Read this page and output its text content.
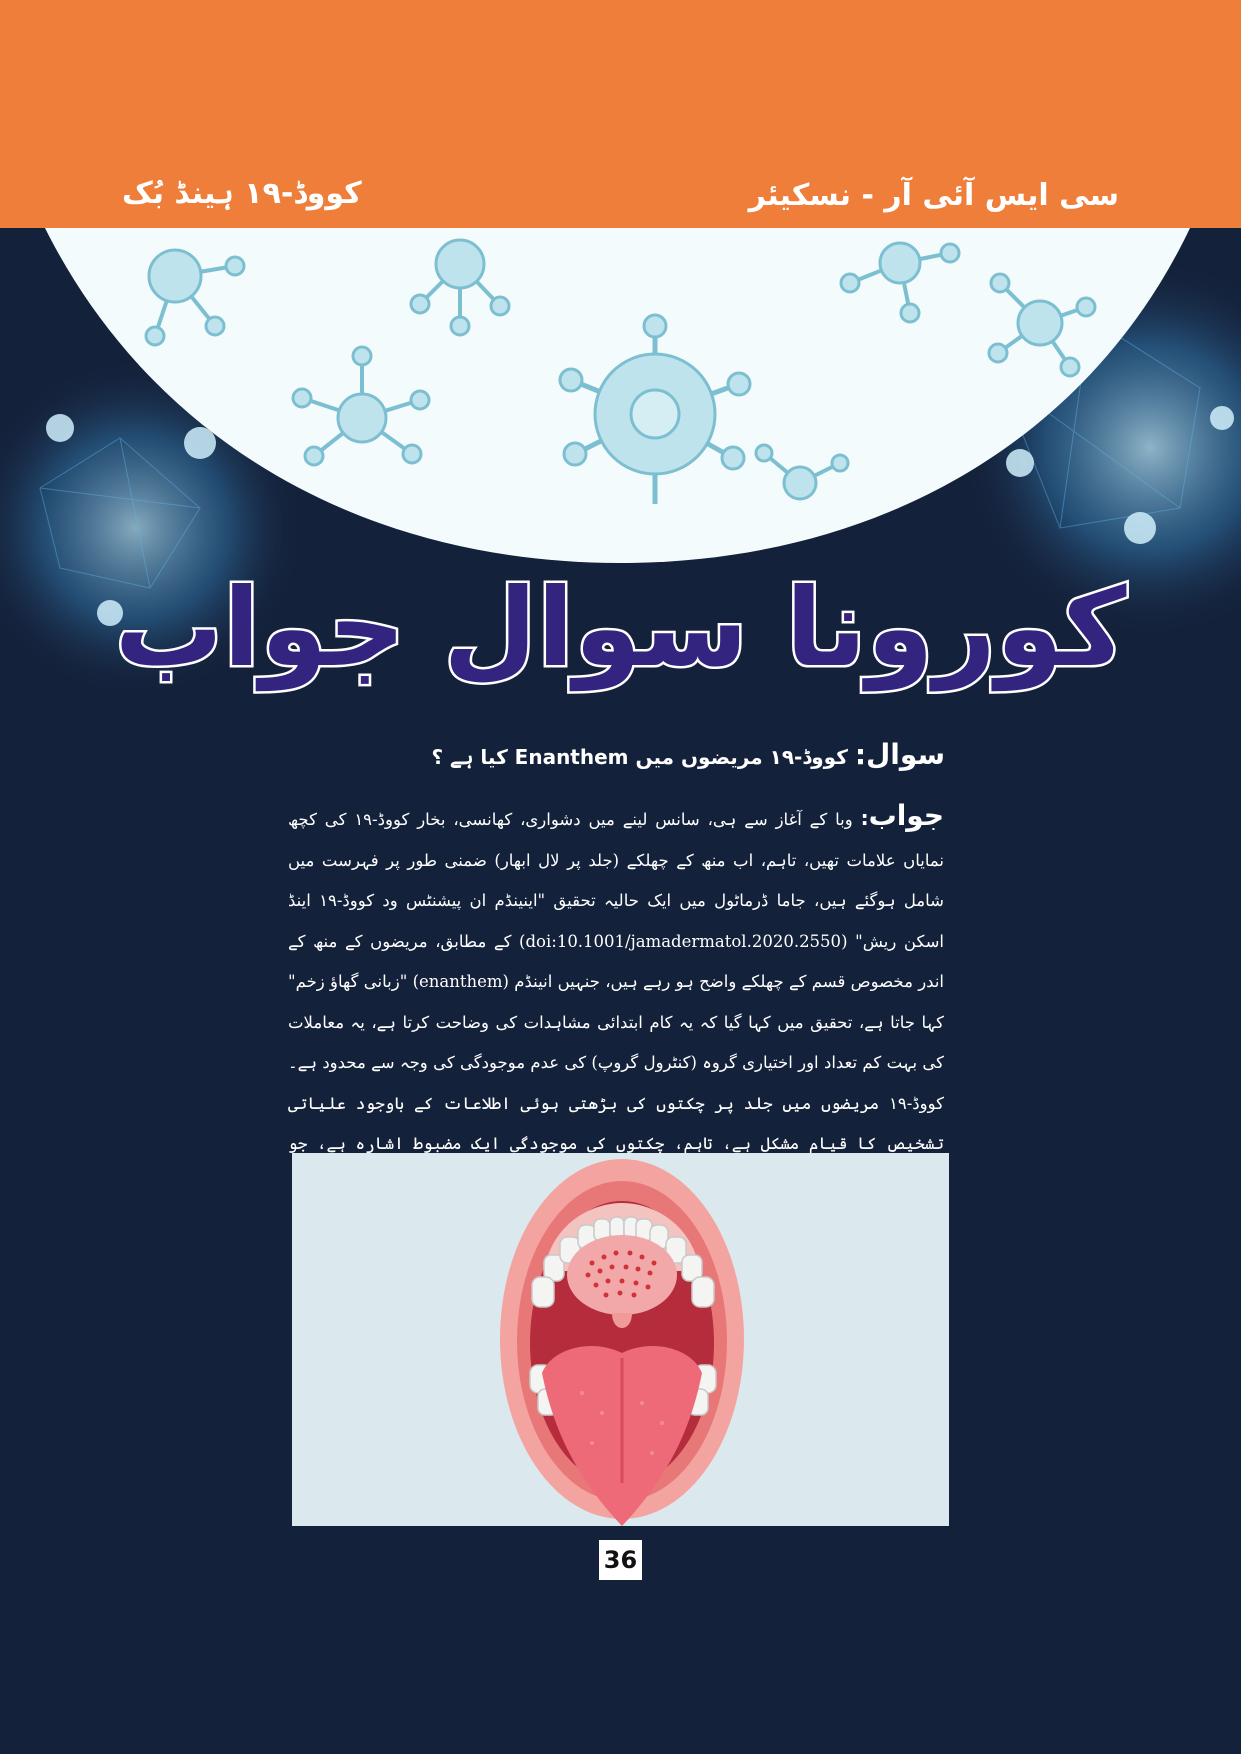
سی ایس آئی آر - نسکیئر
کووڈ-۱۹ ہینڈ بُک
کورونا سوال جواب
سوال: کووڈ-۱۹ مریضوں میں Enanthem کیا ہے ؟
جواب: وبا کے آغاز سے ہی، سانس لینے میں دشواری، کھانسی، بخار کووڈ-۱۹ کی کچھ نمایاں علامات تھیں، تاہم، اب منھ کے چھلکے (جلد پر لال ابھار) ضمنی طور پر فہرست میں شامل ہوگئے ہیں، جاما ڈرماٹول میں ایک حالیہ تحقیق "اینینڈم ان پیشنٹس ود کووڈ-۱۹ اینڈ اسکن ریش" (doi:10.1001/jamadermatol.2020.2550) کے مطابق، مریضوں کے منھ کے اندر مخصوص قسم کے چھلکے واضح ہو رہے ہیں، جنہیں انینڈم (enanthem) "زبانی گھاؤ زخم" کہا جاتا ہے، تحقیق میں کہا گیا کہ یہ کام ابتدائی مشاہدات کی وضاحت کرتا ہے، یہ معاملات کی بہت کم تعداد اور اختیاری گروہ (کنٹرول گروپ) کی عدم موجودگی کی وجہ سے محدود ہے۔ کووڈ-۱۹ مریضوں میں جلد پر چکتوں کی بڑھتی ہوئی اطلاعات کے باوجود علیاتی تشخیص کا قیام مشکل ہے، تاہم، چکتوں کی موجودگی ایک مضبوط اشارہ ہے، جو
36
